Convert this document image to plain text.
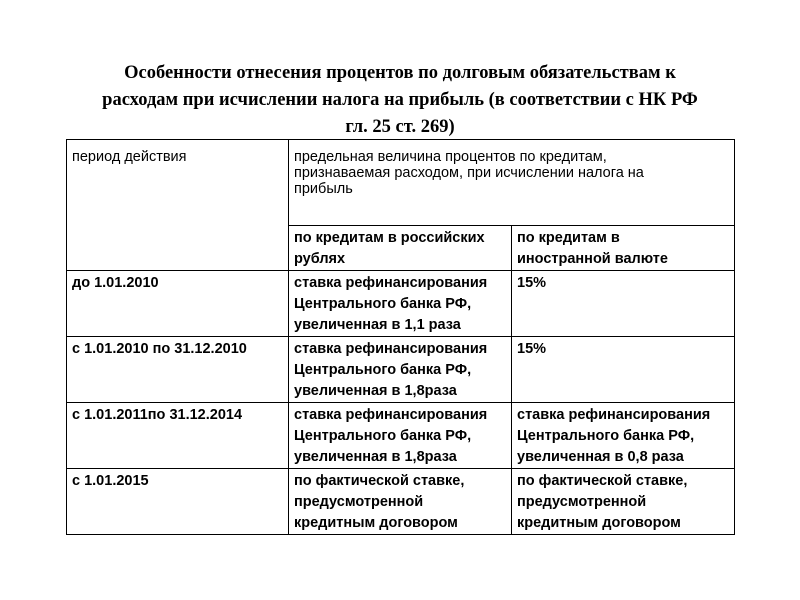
Особенности отнесения процентов по долговым обязательствам к
расходам при исчислении налога на прибыль (в соответствии с НК РФ
гл. 25 ст. 269)
период действия	предельная величина процентов по кредитам,
признаваемая расходом, при исчислении налога на
прибыль	

	по кредитам в российских
рублях	по кредитам в
иностранной валюте

до 1.01.2010	ставка рефинансирования
Центрального банка РФ,
увеличенная в 1,1 раза	15%

с 1.01.2010 по 31.12.2010	ставка рефинансирования
Центрального банка РФ,
увеличенная в 1,8раза	15%

с 1.01.2011по 31.12.2014	ставка рефинансирования
Центрального банка РФ,
увеличенная в 1,8раза	ставка рефинансирования
Центрального банка РФ,
увеличенная в 0,8 раза

с 1.01.2015	по фактической ставке,
предусмотренной
кредитным договором	по фактической ставке,
предусмотренной
кредитным договором
